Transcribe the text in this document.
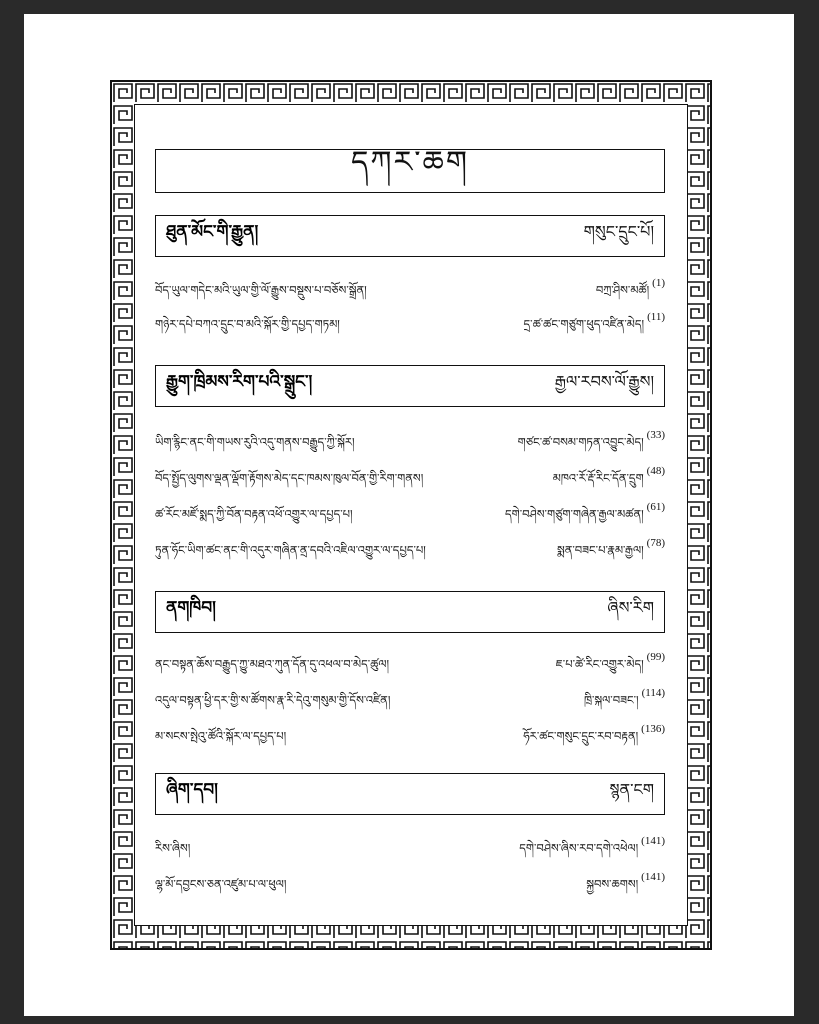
དཀར་ཆག
ཐུན་མོང་གི་རྒྱུན།	གསུང་དྲུང་པོ།
བོད་ཡུལ་གདེང་མའི་ཡུལ་གྱི་ལོ་རྒྱུས་བསྡུས་པ་བཅོས་སྒྲོན།	བཀྲ་ཤིས་མཚོ། (1)
གཉེར་དཔེ་བཀའ་དྲུང་བ་མའི་སྐོར་གྱི་དཔྱད་གཏམ།	དྲ་ཚ་ཚང་གཙུག་ཕུད་འཛིན་མེད། (11)
རྒྱུག་ཁྲིམས་རིག་པའི་སྒྲུང་།	རྒྱལ་རབས་ལོ་རྒྱུས།
ཡིག་རྙིང་ནང་གི་གཡས་རུའི་འདུ་གནས་བརྒྱུད་ཀྱི་སྐོར།	གཙང་ཚ་བསམ་གཏན་འབྱུང་མེད། (33)
བོད་སྤྱོད་ལུགས་ལྡན་ལྡོག་རྟོགས་མེད་དང་ཁམས་ཁུལ་བོན་གྱི་རིག་གནས།	མཁའ་རོ་རྡོ་རིང་དོན་དྲུག (48)
ཚ་རོང་མཛོ་སྨད་ཀྱི་བོན་བརྟན་འཕོ་འགྱུར་ལ་དཔྱད་པ།	དགེ་བཤེས་གཙུག་གཞེན་རྒྱལ་མཚན། (61)
ཏུན་ཧོང་ཡིག་ཚང་ནང་གི་འདུར་གཞིན་ནྲ་དབའི་འཇིལ་འགྱུར་ལ་དཔྱད་པ།	སྨན་བཟང་པ་རྣམ་རྒྱལ། (78)
ནགཁིབ།	ཞིས་རིག
ནང་བསྟན་ཆོས་བརྒྱུད་ཀྱུ་མཐའ་ཀུན་དོན་དུ་འཕལ་བ་མེད་ཚུལ།	ཇ་པ་ཚེ་རིང་འགྱུར་མེད། (99)
འདུལ་བསྟན་ཕྱི་དར་གྱི་ས་ཚོགས་རྣ་རི་དེའུ་གསུམ་གྱི་དོས་འཛིན།	ཁྲི་སྐལ་བཟང་། (114)
མ་སངས་སྤེའུ་ཚོའི་སྐོར་ལ་དཔྱད་པ།	ཧོར་ཚང་གསུང་དྲུང་རབ་བརྟན། (136)
ཞིག་དབ།	སྙན་ངག
རིས་ཞིས།	དགེ་བཤེས་ཞིས་རབ་དགེ་འཕེལ། (141)
ལྷ་མོ་དབྱངས་ཅན་འཛུམ་པ་ལ་ཕུལ།	སྐྱབས་ཆགས། (141)
